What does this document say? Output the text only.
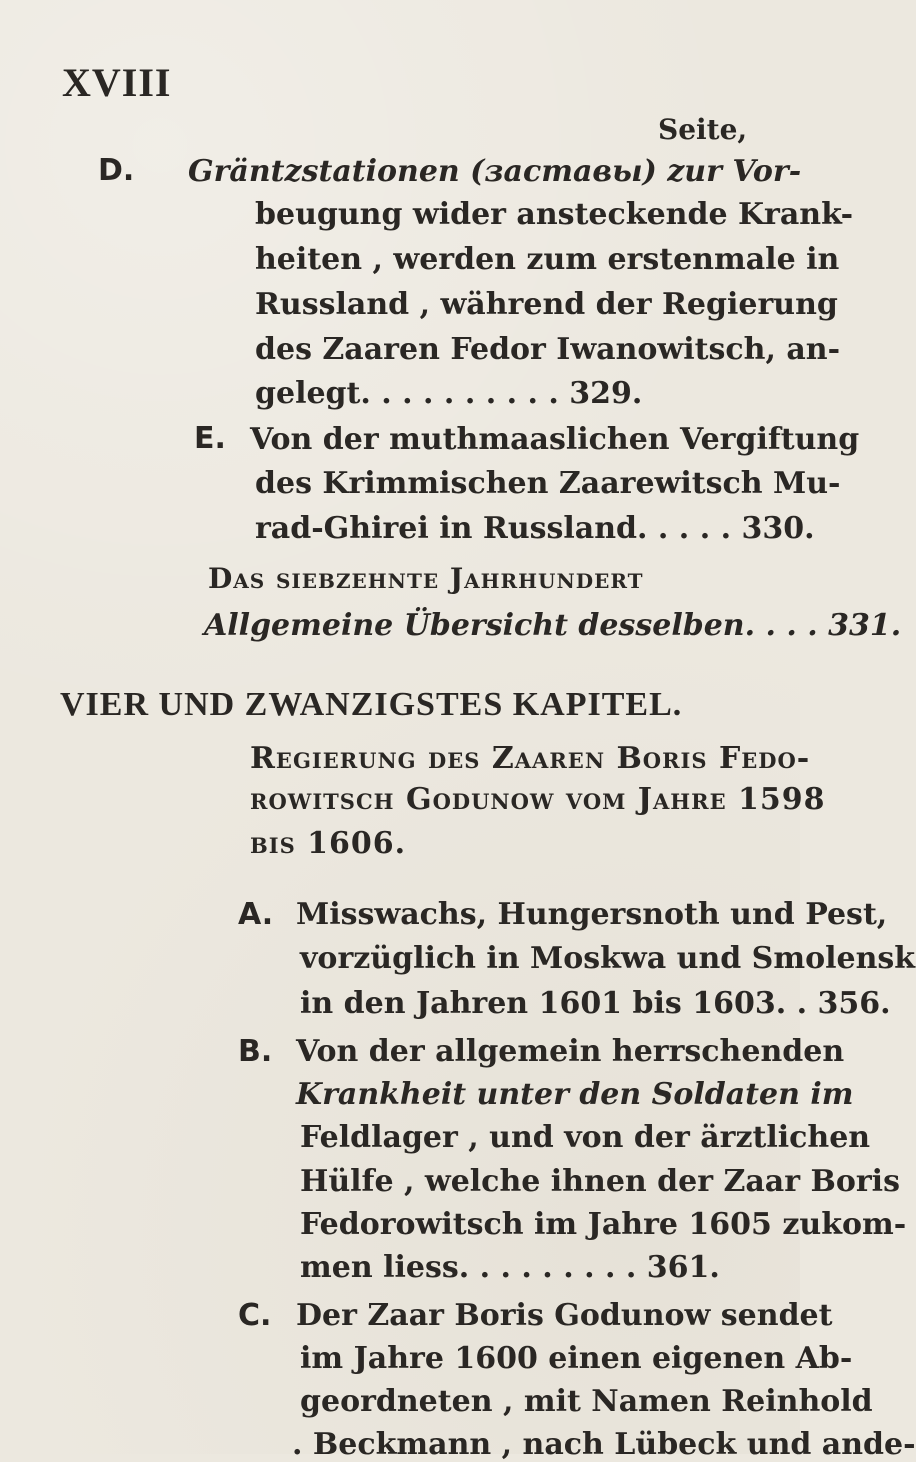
XVIII
Seite,
D. Gräntzstationen (заставы) zur Vor-
beugung wider ansteckende Krank-
heiten , werden zum erstenmale in
Russland , während der Regierung
des Zaaren Fedor Iwanowitsch, an-
gelegt. . . . . . . . . . 329.
E. Von der muthmaaslichen Vergiftung
des Krimmischen Zaarewitsch Mu-
rad-Ghirei in Russland. . . . . 330.
Das siebzehnte Jahrhundert
Allgemeine Übersicht desselben. . . . 331.
VIER UND ZWANZIGSTES KAPITEL.
Regierung des Zaaren Boris Fedo-
rowitsch Godunow vom Jahre 1598
bis 1606.
A. Misswachs, Hungersnoth und Pest,
vorzüglich in Moskwa und Smolensk
in den Jahren 1601 bis 1603. . 356.
B. Von der allgemein herrschenden
Krankheit unter den Soldaten im
Feldlager , und von der ärztlichen
Hülfe , welche ihnen der Zaar Boris
Fedorowitsch im Jahre 1605 zukom-
men liess. . . . . . . . . 361.
C. Der Zaar Boris Godunow sendet
im Jahre 1600 einen eigenen Ab-
geordneten , mit Namen Reinhold
. Beckmann , nach Lübeck und ande-
